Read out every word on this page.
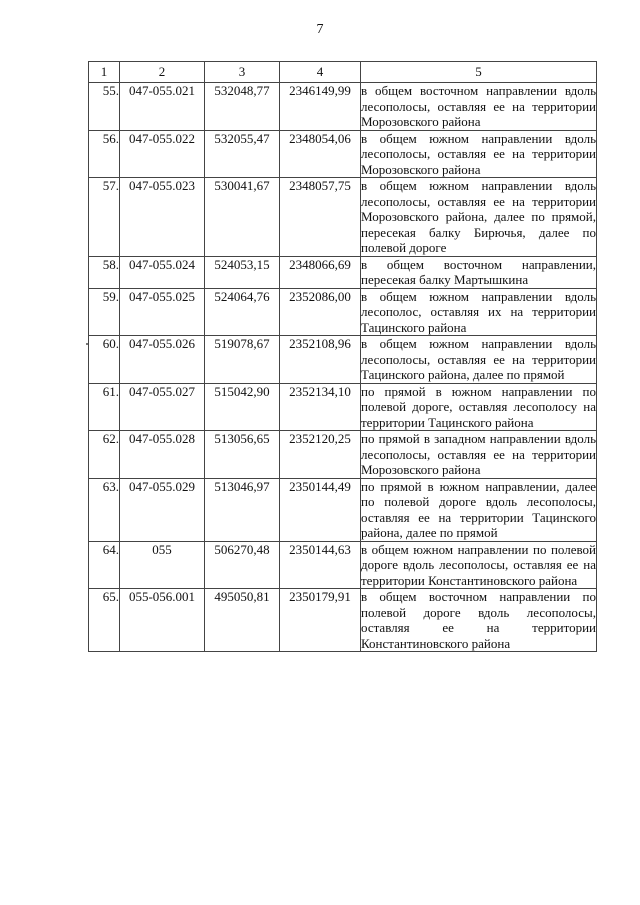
7
1	2	3	4	5
55.	047-055.021	532048,77	2346149,99	в общем восточном направлении вдоль лесополосы, оставляя ее на территории Морозовского района
56.	047-055.022	532055,47	2348054,06	в общем южном направлении вдоль лесополосы, оставляя ее на территории Морозовского района
57.	047-055.023	530041,67	2348057,75	в общем южном направлении вдоль лесополосы, оставляя ее на территории Морозовского района, далее по прямой, пересекая балку Бирючья, далее по полевой дороге
58.	047-055.024	524053,15	2348066,69	в общем восточном направлении, пересекая балку Мартышкина
59.	047-055.025	524064,76	2352086,00	в общем южном направлении вдоль лесополос, оставляя их на территории Тацинского района
60.	047-055.026	519078,67	2352108,96	в общем южном направлении вдоль лесополосы, оставляя ее на территории Тацинского района, далее по прямой
61.	047-055.027	515042,90	2352134,10	по прямой в южном направлении по полевой дороге, оставляя лесополосу на территории Тацинского района
62.	047-055.028	513056,65	2352120,25	по прямой в западном направлении вдоль лесополосы, оставляя ее на территории Морозовского района
63.	047-055.029	513046,97	2350144,49	по прямой в южном направлении, далее по полевой дороге вдоль лесополосы, оставляя ее на территории Тацинского района, далее по прямой
64.	055	506270,48	2350144,63	в общем южном направлении по полевой дороге вдоль лесополосы, оставляя ее на территории Константиновского района
65.	055-056.001	495050,81	2350179,91	в общем восточном направлении по полевой дороге вдоль лесополосы, оставляя ее на территории Константиновского района
